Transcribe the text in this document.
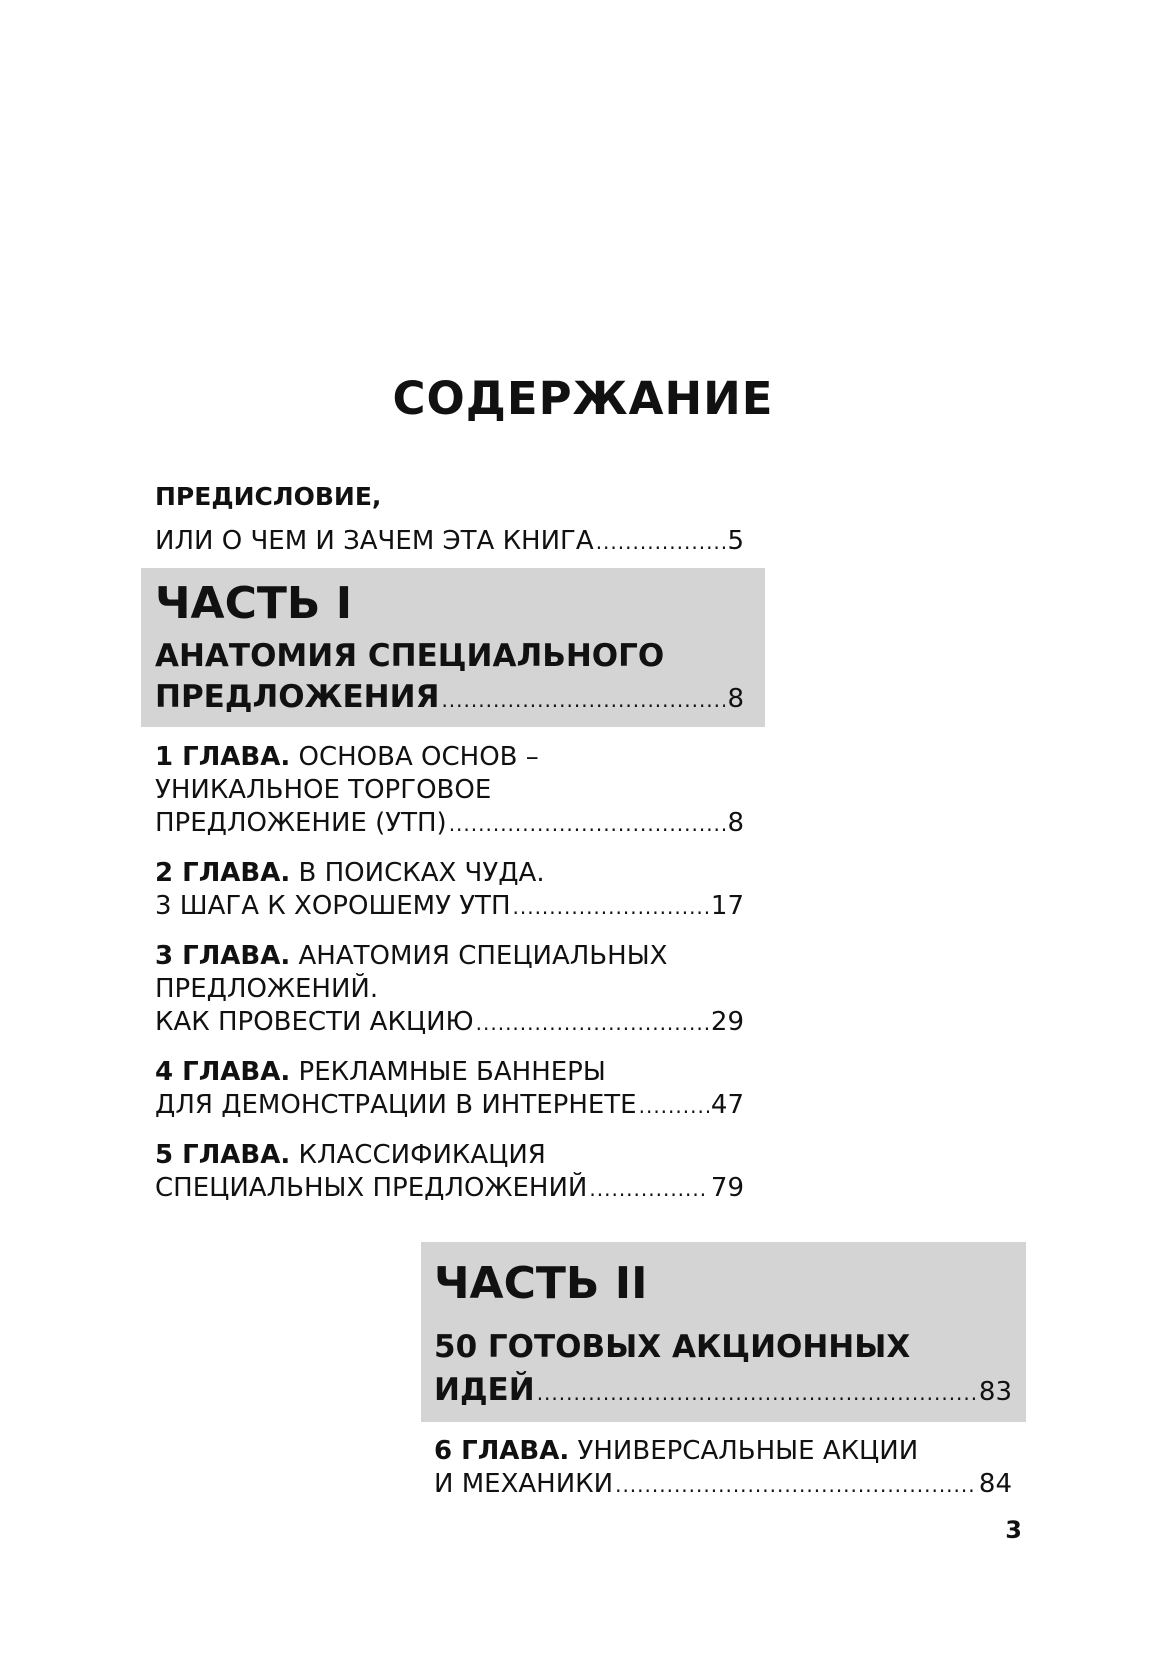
СОДЕРЖАНИЕ
ПРЕДИСЛОВИЕ,
ИЛИ О ЧЕМ И ЗАЧЕМ ЭТА КНИГА .....	5
ЧАСТЬ I
АНАТОМИЯ СПЕЦИАЛЬНОГО
ПРЕДЛОЖЕНИЯ .....	8
1 ГЛАВА. ОСНОВА ОСНОВ –
УНИКАЛЬНОЕ ТОРГОВОЕ
ПРЕДЛОЖЕНИЕ (УТП) .....	8
2 ГЛАВА. В ПОИСКАХ ЧУДА.
3 ШАГА К ХОРОШЕМУ УТП .....	17
3 ГЛАВА. АНАТОМИЯ СПЕЦИАЛЬНЫХ
ПРЕДЛОЖЕНИЙ.
КАК ПРОВЕСТИ АКЦИЮ .....	29
4 ГЛАВА. РЕКЛАМНЫЕ БАННЕРЫ
ДЛЯ ДЕМОНСТРАЦИИ В ИНТЕРНЕТЕ .....	47
5 ГЛАВА. КЛАССИФИКАЦИЯ
СПЕЦИАЛЬНЫХ ПРЕДЛОЖЕНИЙ .....	79
ЧАСТЬ II
50 ГОТОВЫХ АКЦИОННЫХ
ИДЕЙ .....	83
6 ГЛАВА. УНИВЕРСАЛЬНЫЕ АКЦИИ
И МЕХАНИКИ .....	84
3
